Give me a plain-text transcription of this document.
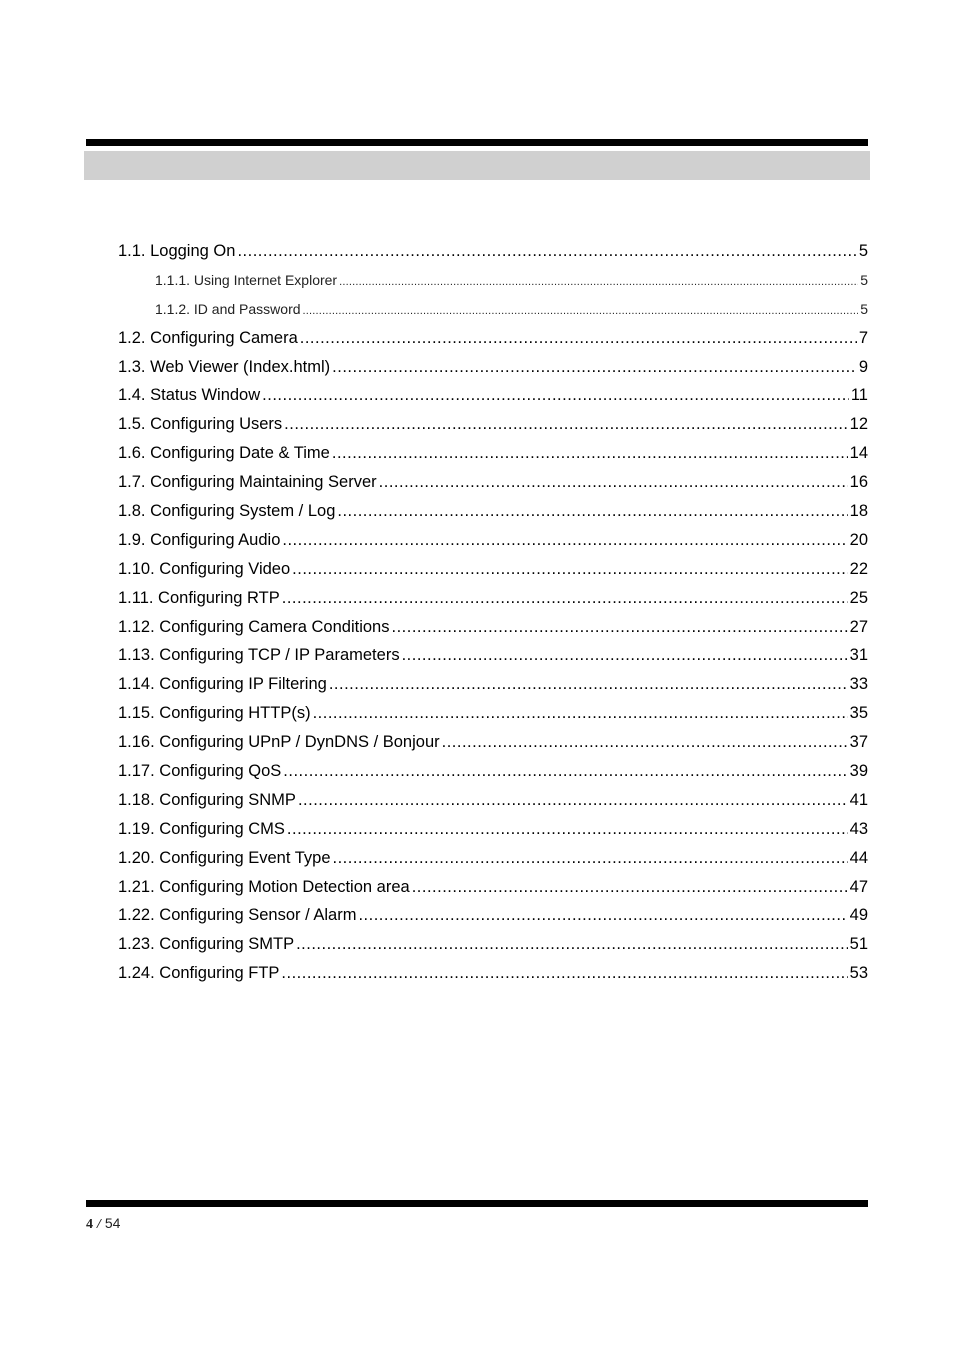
1.1. Logging On .....	5
1.1.1. Using Internet Explorer .....	5
1.1.2. ID and Password .....	5
1.2. Configuring Camera .....	7
1.3. Web Viewer (Index.html) .....	9
1.4. Status Window .....	11
1.5. Configuring Users .....	12
1.6. Configuring Date & Time .....	14
1.7. Configuring Maintaining Server .....	16
1.8. Configuring System / Log .....	18
1.9. Configuring Audio .....	20
1.10. Configuring Video .....	22
1.11. Configuring RTP .....	25
1.12. Configuring Camera Conditions .....	27
1.13. Configuring TCP / IP Parameters .....	31
1.14. Configuring IP Filtering .....	33
1.15. Configuring HTTP(s) .....	35
1.16. Configuring UPnP / DynDNS / Bonjour .....	37
1.17. Configuring QoS .....	39
1.18. Configuring SNMP .....	41
1.19. Configuring CMS .....	43
1.20. Configuring Event Type .....	44
1.21. Configuring Motion Detection area .....	47
1.22. Configuring Sensor / Alarm .....	49
1.23. Configuring SMTP .....	51
1.24. Configuring FTP .....	53
4 / 54
